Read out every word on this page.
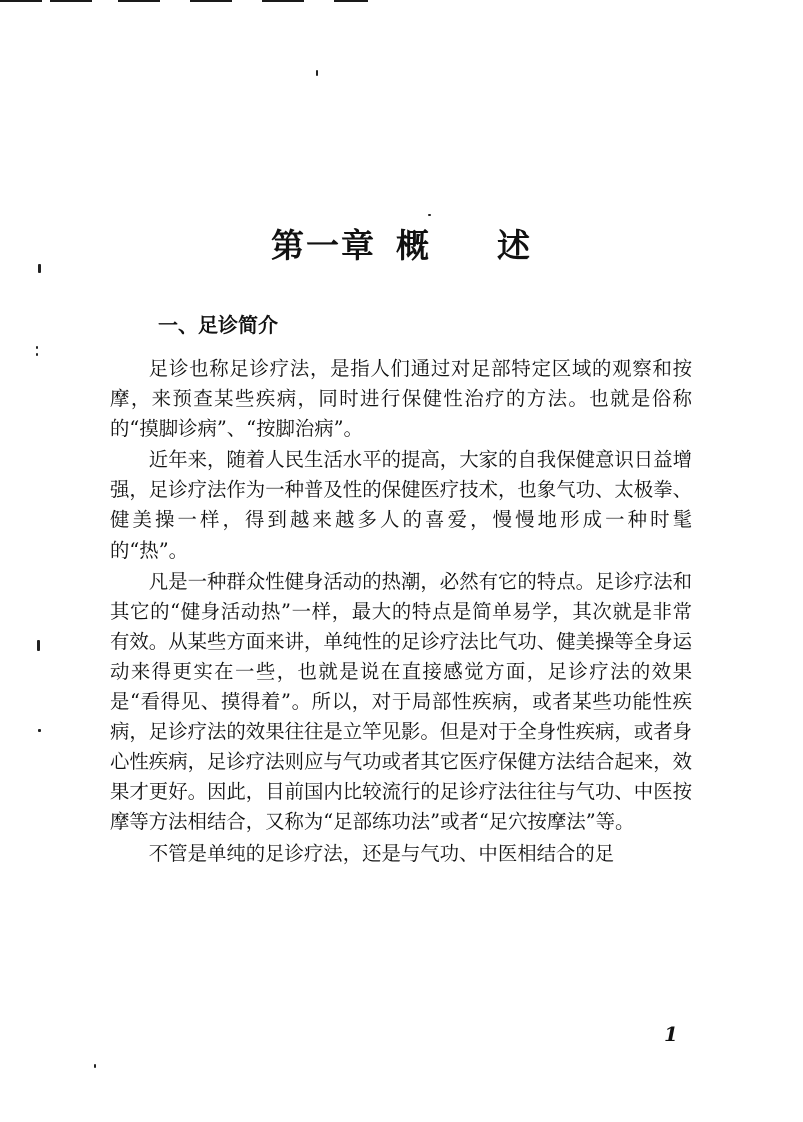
第一章 概 述
一、足诊简介

足诊也称足诊疗法，是指人们通过对足部特定区域的观察和按摩，来预查某些疾病，同时进行保健性治疗的方法。也就是俗称的“摸脚诊病”、“按脚治病”。

近年来，随着人民生活水平的提高，大家的自我保健意识日益增强，足诊疗法作为一种普及性的保健医疗技术，也象气功、太极拳、健美操一样，得到越来越多人的喜爱，慢慢地形成一种时髦的“热”。

凡是一种群众性健身活动的热潮，必然有它的特点。足诊疗法和其它的“健身活动热”一样，最大的特点是简单易学，其次就是非常有效。从某些方面来讲，单纯性的足诊疗法比气功、健美操等全身运动来得更实在一些，也就是说在直接感觉方面，足诊疗法的效果是“看得见、摸得着”。所以，对于局部性疾病，或者某些功能性疾病，足诊疗法的效果往往是立竿见影。但是对于全身性疾病，或者身心性疾病，足诊疗法则应与气功或者其它医疗保健方法结合起来，效果才更好。因此，目前国内比较流行的足诊疗法往往与气功、中医按摩等方法相结合，又称为“足部练功法”或者“足穴按摩法”等。

不管是单纯的足诊疗法，还是与气功、中医相结合的足

1
